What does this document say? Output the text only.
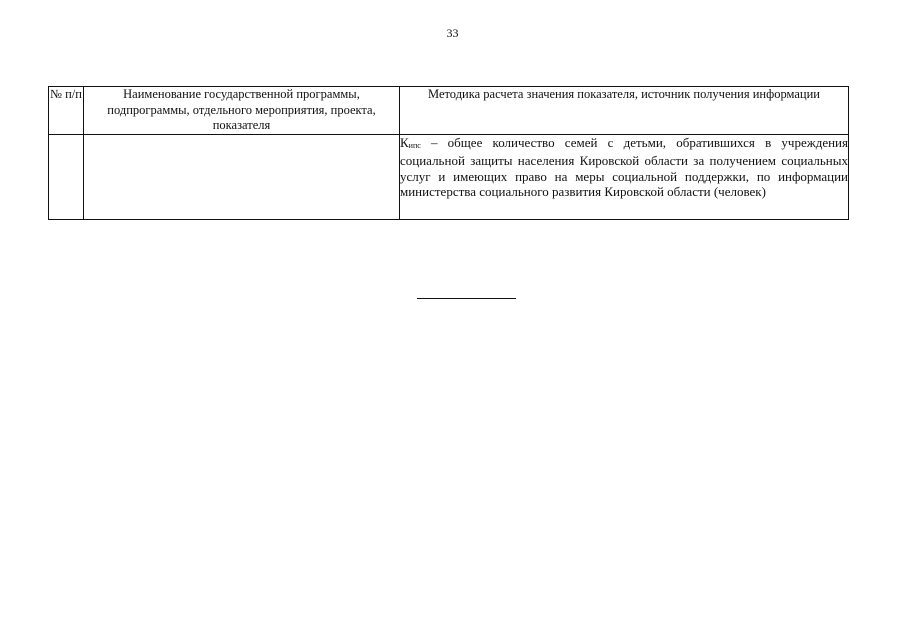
33
№ п/п	Наименование государственной программы, подпрограммы, отдельного мероприятия, проекта, показателя	Методика расчета значения показателя, источник получения информации
		Кипс – общее количество семей с детьми, обратившихся в учреждения социальной защиты населения Кировской области за получением социальных услуг и имеющих право на меры социальной поддержки, по информации министерства социального развития Кировской области (человек)
